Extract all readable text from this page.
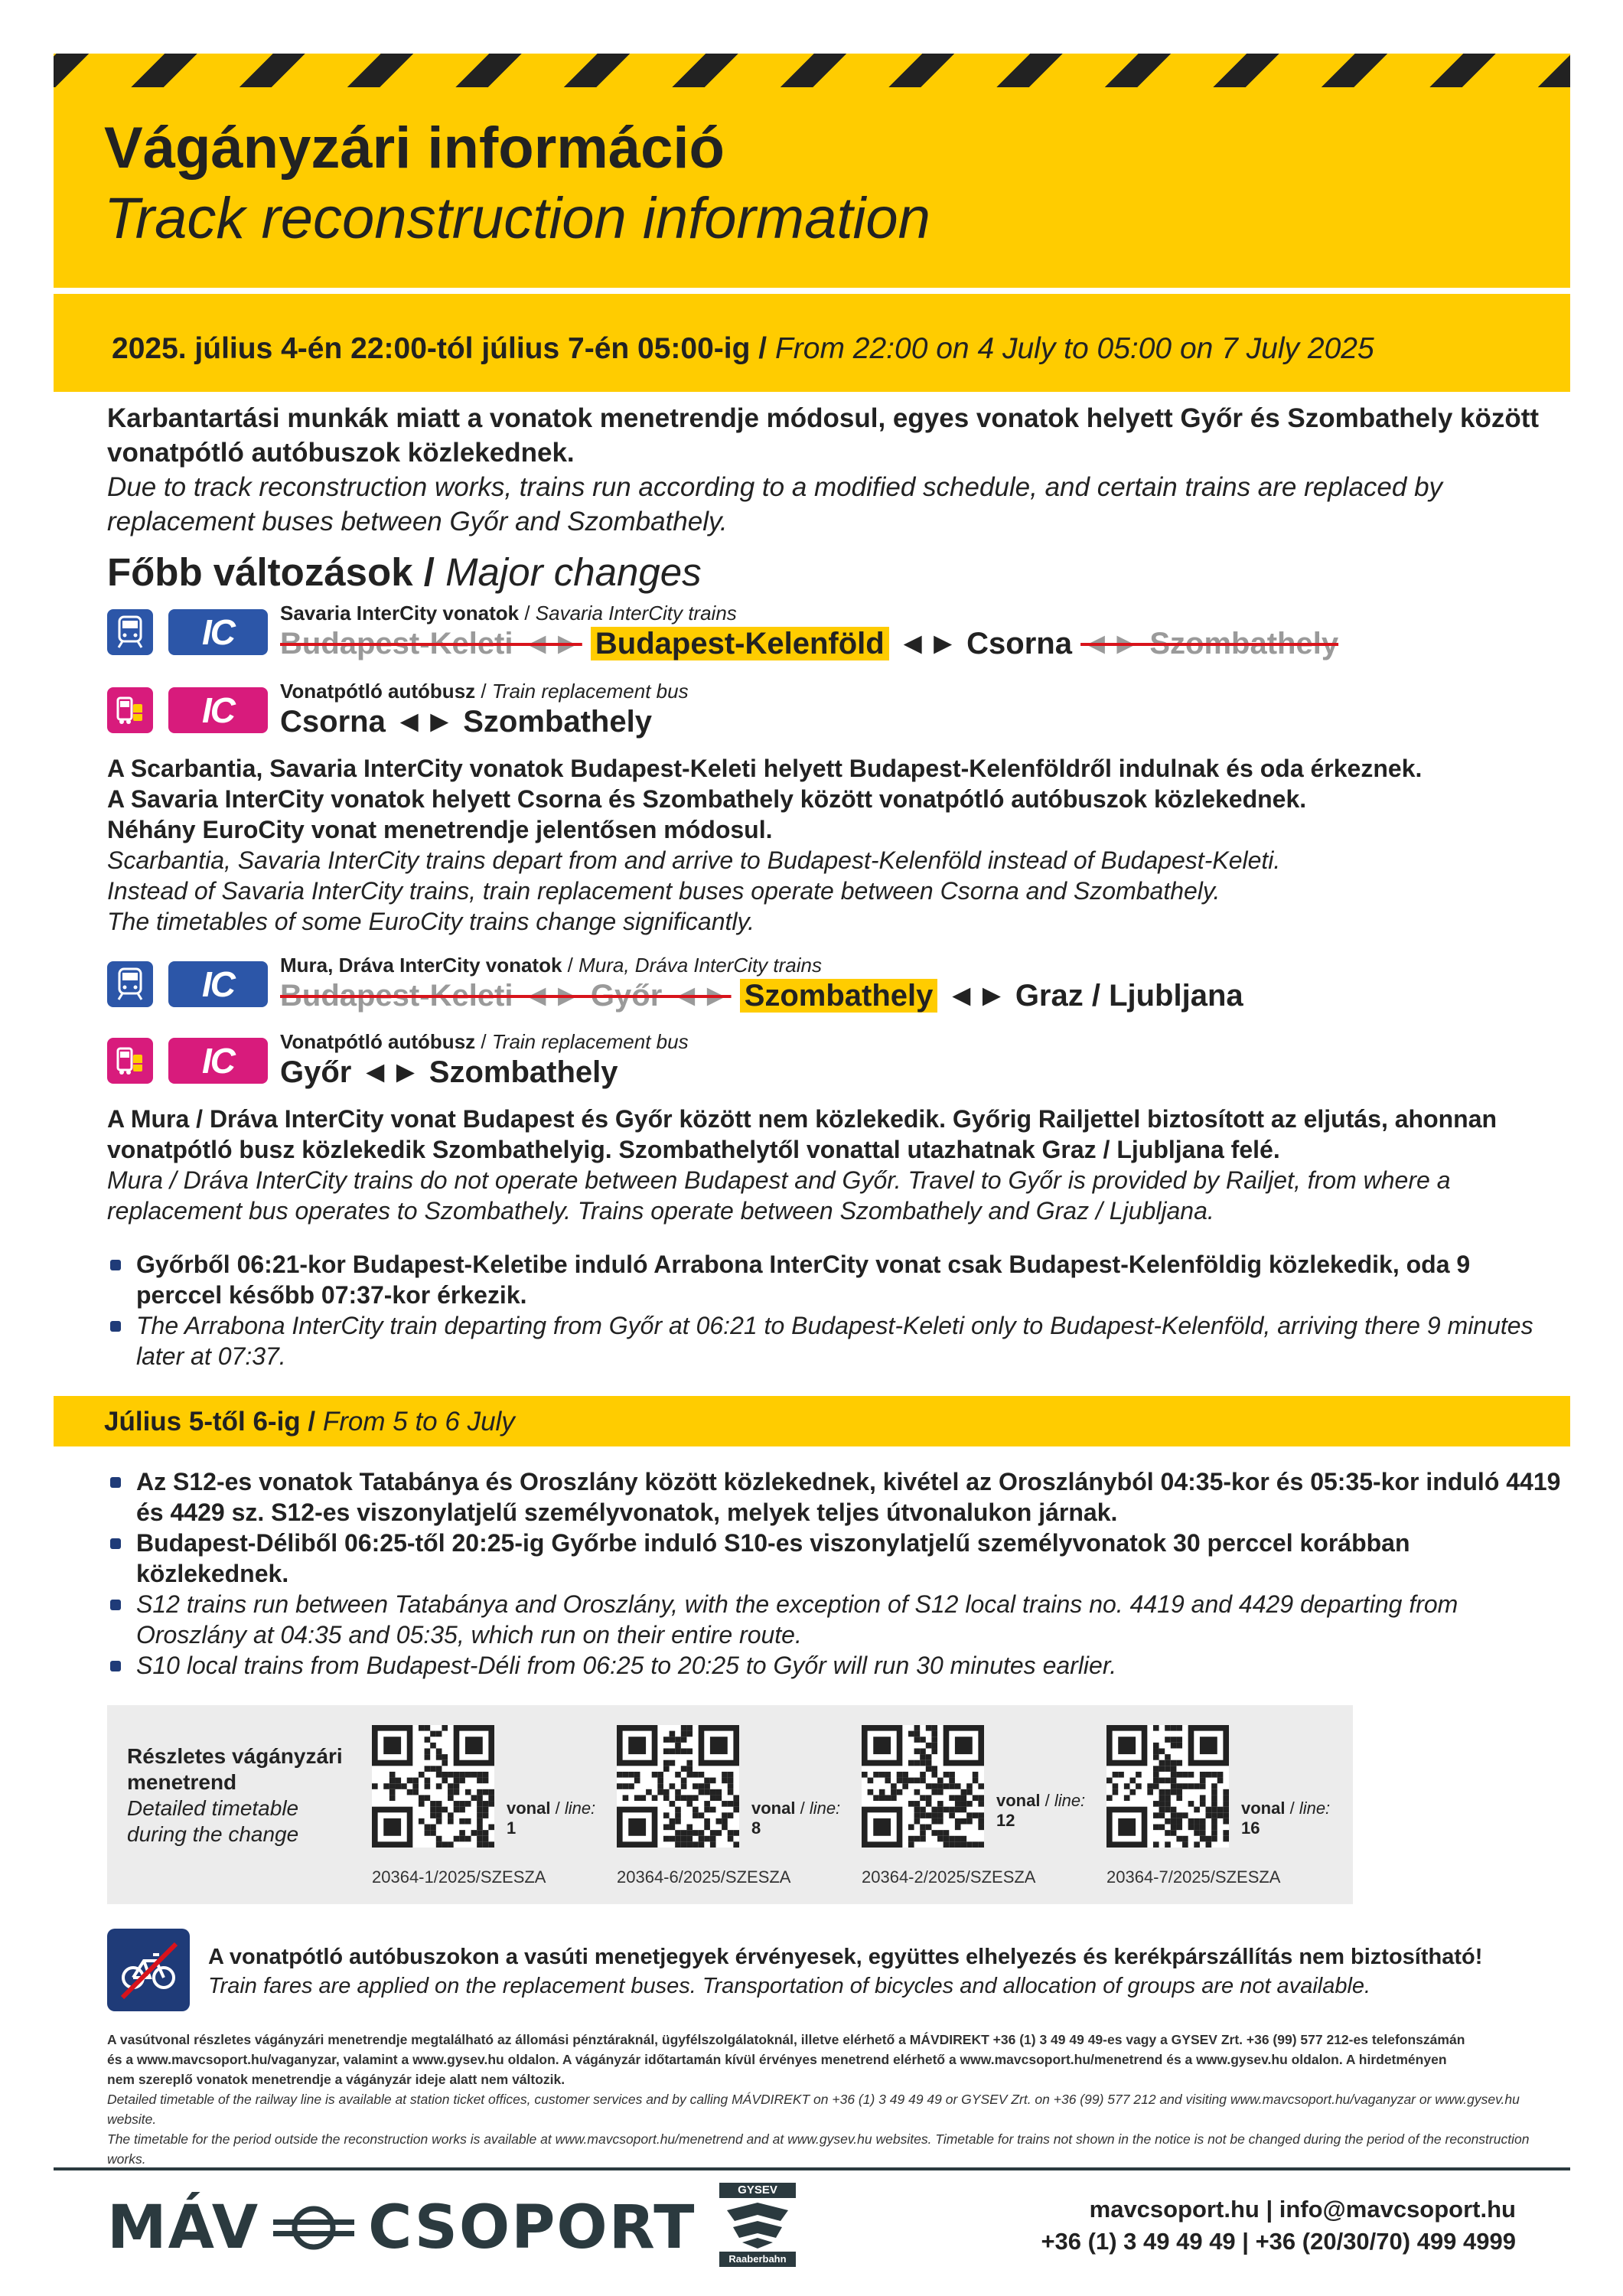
Vágányzári információ
Track reconstruction information
2025. július 4-én 22:00-tól július 7-én 05:00-ig / From 22:00 on 4 July to 05:00 on 7 July 2025
Karbantartási munkák miatt a vonatok menetrendje módosul, egyes vonatok helyett Győr és Szombathely között vonatpótló autóbuszok közlekednek.
Due to track reconstruction works, trains run according to a modified schedule, and certain trains are replaced by replacement buses between Győr and Szombathely.
Főbb változások / Major changes
IC Savaria InterCity vonatok / Savaria InterCity trains
Budapest-Keleti ◄► Budapest-Kelenföld ◄► Csorna ◄► Szombathely
IC Vonatpótló autóbusz / Train replacement bus
Csorna ◄► Szombathely
A Scarbantia, Savaria InterCity vonatok Budapest-Keleti helyett Budapest-Kelenföldről indulnak és oda érkeznek.
A Savaria InterCity vonatok helyett Csorna és Szombathely között vonatpótló autóbuszok közlekednek.
Néhány EuroCity vonat menetrendje jelentősen módosul.
Scarbantia, Savaria InterCity trains depart from and arrive to Budapest-Kelenföld instead of Budapest-Keleti.
Instead of Savaria InterCity trains, train replacement buses operate between Csorna and Szombathely.
The timetables of some EuroCity trains change significantly.
IC Mura, Dráva InterCity vonatok / Mura, Dráva InterCity trains
Budapest-Keleti ◄► Győr ◄► Szombathely ◄► Graz / Ljubljana
IC Vonatpótló autóbusz / Train replacement bus
Győr ◄► Szombathely
A Mura / Dráva InterCity vonat Budapest és Győr között nem közlekedik. Győrig Railjettel biztosított az eljutás, ahonnan vonatpótló busz közlekedik Szombathelyig. Szombathelytől vonattal utazhatnak Graz / Ljubljana felé.
Mura / Dráva InterCity trains do not operate between Budapest and Győr. Travel to Győr is provided by Railjet, from where a replacement bus operates to Szombathely. Trains operate between Szombathely and Graz / Ljubljana.
Győrből 06:21-kor Budapest-Keletibe induló Arrabona InterCity vonat csak Budapest-Kelenföldig közlekedik, oda 9 perccel később 07:37-kor érkezik.
The Arrabona InterCity train departing from Győr at 06:21 to Budapest-Keleti only to Budapest-Kelenföld, arriving there 9 minutes later at 07:37.
Július 5-től 6-ig / From 5 to 6 July
Az S12-es vonatok Tatabánya és Oroszlány között közlekednek, kivétel az Oroszlányból 04:35-kor és 05:35-kor induló 4419 és 4429 sz. S12-es viszonylatjelű személyvonatok, melyek teljes útvonalukon járnak.
Budapest-Déliből 06:25-től 20:25-ig Győrbe induló S10-es viszonylatjelű személyvonatok 30 perccel korábban közlekednek.
S12 trains run between Tatabánya and Oroszlány, with the exception of S12 local trains no. 4419 and 4429 departing from Oroszlány at 04:35 and 05:35, which run on their entire route.
S10 local trains from Budapest-Déli from 06:25 to 20:25 to Győr will run 30 minutes earlier.
Részletes vágányzári
menetrend
Detailed timetable
during the change
vonal / line:
1
20364-1/2025/SZESZA
vonal / line:
8
20364-6/2025/SZESZA
vonal / line:
12
20364-2/2025/SZESZA
vonal / line:
16
20364-7/2025/SZESZA
A vonatpótló autóbuszokon a vasúti menetjegyek érvényesek, együttes elhelyezés és kerékpárszállítás nem biztosítható!
Train fares are applied on the replacement buses. Transportation of bicycles and allocation of groups are not available.
A vasútvonal részletes vágányzári menetrendje megtalálható az állomási pénztáraknál, ügyfélszolgálatoknál, illetve elérhető a MÁVDIREKT +36 (1) 3 49 49 49-es vagy a GYSEV Zrt. +36 (99) 577 212-es telefonszámán
és a www.mavcsoport.hu/vaganyzar, valamint a www.gysev.hu oldalon. A vágányzár időtartamán kívül érvényes menetrend elérhető a www.mavcsoport.hu/menetrend és a www.gysev.hu oldalon. A hirdetményen
nem szereplő vonatok menetrendje a vágányzár ideje alatt nem változik.
Detailed timetable of the railway line is available at station ticket offices, customer services and by calling MÁVDIREKT on +36 (1) 3 49 49 49 or GYSEV Zrt. on +36 (99) 577 212 and visiting www.mavcsoport.hu/vaganyzar or www.gysev.hu website.
The timetable for the period outside the reconstruction works is available at www.mavcsoport.hu/menetrend and at www.gysev.hu websites. Timetable for trains not shown in the notice is not be changed during the period of the reconstruction works.
MÁV CSOPORT
GYSEV
Raaberbahn
mavcsoport.hu | info@mavcsoport.hu
+36 (1) 3 49 49 49 | +36 (20/30/70) 499 4999
